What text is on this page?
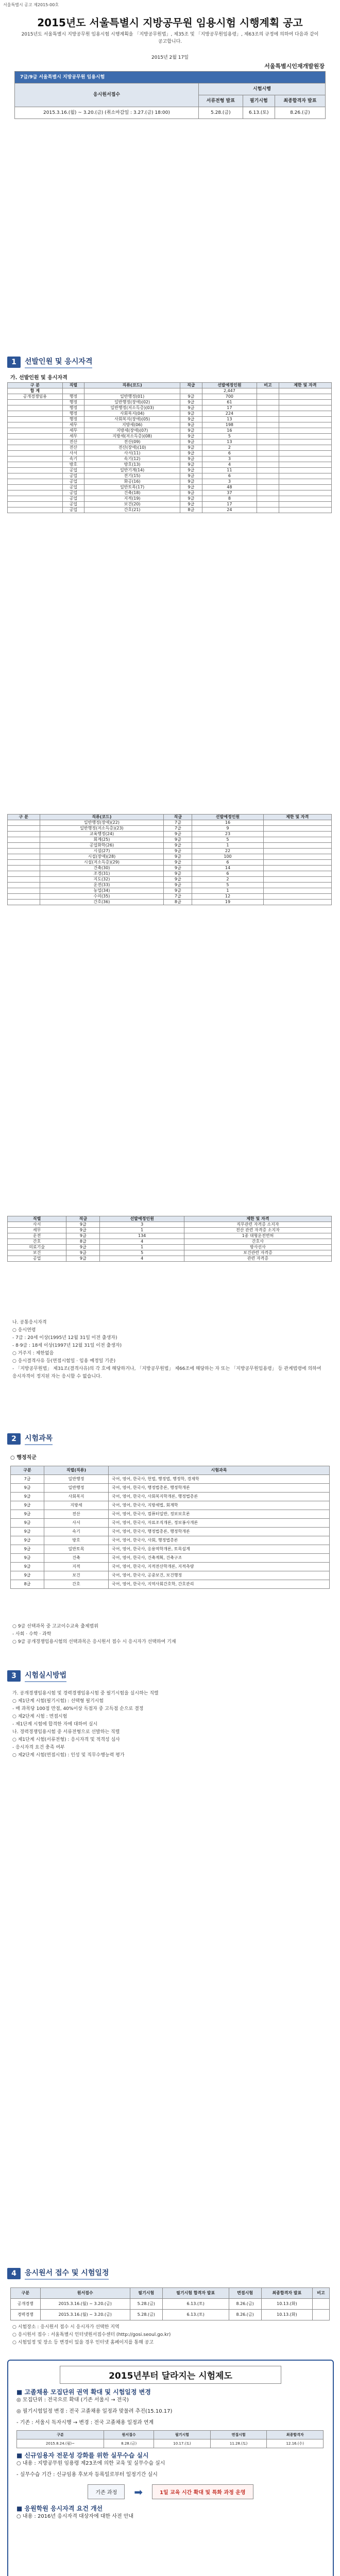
서울특별시 공고 제2015-00호
2015년도 서울특별시 지방공무원 임용시험 시행계획 공고
2015년도 서울특별시 지방공무원 임용시험 시행계획을 「지방공무원법」, 제35조 및 「지방공무원임용령」, 제63조의 규정에 의하여 다음과 같이 공고합니다.
2015년 2월 17일
서울특별시인재개발원장
7급/9급 서울특별시 지방공무원 임용시험			
응시원서접수	시험시행		
	서류전형 발표	필기시험	최종합격자 발표
2015.3.16.(월) ~ 3.20.(금) (취소마감일 : 3.27.(금) 18:00)	5.28.(금)	6.13.(토)	8.26.(금)
1	선발인원 및 응시자격
가. 선발인원 및 응시자격
구 분	직렬	직류(코드)	직급	선발예정인원	비고	제한 및 자격
합 계				2,447		
공개경쟁임용	행정	일반행정(01)	9급	700		
	행정	일반행정(장애)(02)	9급	61		
	행정	일반행정(저소득층)(03)	9급	17		
	행정	사회복지(04)	9급	224		
	행정	사회복지(장애)(05)	9급	13		
	세무	지방세(06)	9급	198		
	세무	지방세(장애)(07)	9급	16		
	세무	지방세(저소득층)(08)	9급	5		
	전산	전산(09)	9급	13		
	전산	전산(장애)(10)	9급	2		
	사서	사서(11)	9급	6		
	속기	속기(12)	9급	3		
	방호	방호(13)	9급	4		
	공업	일반기계(14)	9급	11		
	공업	전기(15)	9급	6		
	공업	화공(16)	9급	3		
	공업	일반토목(17)	9급	48		
	공업	건축(18)	9급	37		
	공업	지적(19)	9급	8		
	공업	보건(20)	9급	17		
	공업	간호(21)	8급	24		
구 분	직류(코드)	직급	선발예정인원	제한 및 자격
	일반행정(장애)(22)	7급	16	
	일반행정(저소득층)(23)	7급	9	
	교육행정(24)	9급	23	
	회계(25)	9급	5	
	공업화학(26)	9급	1	
	시설(27)	9급	22	
	시설(장애)(28)	9급	100	
	시설(저소득층)(29)	9급	6	
	건축(30)	9급	14	
	조경(31)	9급	6	
	지도(32)	9급	2	
	운전(33)	9급	5	
	농업(34)	9급	1	
	수의(35)	7급	12	
	간호(36)	8급	19	
직렬	직급	선발예정인원	제한 및 자격
사서	9급	3	직무관련 자격증 소지자
세무	9급	1	전산 관련 자격증 소지자
운전	9급	134	1종 대형운전면허
간호	8급	4	간호사
의료기술	9급	1	방사선사
보건	9급	5	보건관련 자격증
공업	9급	4	관련 자격증

나. 공통응시자격

○ 응시연령

- 7급 : 20세 이상(1995년 12월 31일 이전 출생자)

- 8·9급 : 18세 이상(1997년 12월 31일 이전 출생자)

○ 거주지 : 제한없음

○ 응시결격사유 등(면접시험일 · 임용 예정일 기준)

- 「지방공무원법」 제31조(결격사유)의 각 호에 해당하거나, 「지방공무원법」 제66조에 해당하는 자 또는 「지방공무원임용령」 등 관계법령에 의하여 응시자격이 정지된 자는 응시할 수 없습니다.

2	시험과목
○ 행정직군
구분	직렬(직류)	시험과목
7급	일반행정	국어, 영어, 한국사, 헌법, 행정법, 행정학, 경제학
9급	일반행정	국어, 영어, 한국사, 행정법총론, 행정학개론
9급	사회복지	국어, 영어, 한국사, 사회복지학개론, 행정법총론
9급	지방세	국어, 영어, 한국사, 지방세법, 회계학
9급	전산	국어, 영어, 한국사, 컴퓨터일반, 정보보호론
9급	사서	국어, 영어, 한국사, 자료조직개론, 정보봉사개론
9급	속기	국어, 영어, 한국사, 행정법총론, 행정학개론
9급	방호	국어, 영어, 한국사, 사회, 행정법총론
9급	일반토목	국어, 영어, 한국사, 응용역학개론, 토목설계
9급	건축	국어, 영어, 한국사, 건축계획, 건축구조
9급	지적	국어, 영어, 한국사, 지적전산학개론, 지적측량
9급	보건	국어, 영어, 한국사, 공중보건, 보건행정
8급	간호	국어, 영어, 한국사, 지역사회간호학, 간호관리

○ 9급 선택과목 중 고교이수교육 출제범위

- 사회 · 수학 · 과학

○ 9급 공개경쟁임용시험의 선택과목은 응시원서 접수 시 응시자가 선택하여 기재

3	시험실시방법

가. 공개경쟁임용시험 및 경력경쟁임용시험 중 필기시험을 실시하는 직렬

○ 제1단계 시험(필기시험) : 선택형 필기시험

- 매 과목당 100점 만점, 40%이상 득점자 중 고득점 순으로 결정

○ 제2단계 시험 : 면접시험

- 제1단계 시험에 합격한 자에 대하여 실시

나. 경력경쟁임용시험 중 서류전형으로 선발하는 직렬

○ 제1단계 시험(서류전형) : 응시자격 및 적격성 심사

- 응시자격 요건 충족 여부

○ 제2단계 시험(면접시험) : 인성 및 직무수행능력 평가

4	응시원서 접수 및 시험일정
구분	원서접수	필기시험	필기시험 합격자 발표	면접시험	최종합격자 발표	비고
공개경쟁	2015.3.16.(월) ~ 3.20.(금)	5.28.(금)	6.13.(토)	8.26.(금)	10.13.(화)	
경력경쟁	2015.3.16.(월) ~ 3.20.(금)	5.28.(금)	6.13.(토)	8.26.(금)	10.13.(화)	

○ 시험장소 : 응시원서 접수 시 응시자가 선택한 지역

○ 응시원서 접수 : 서울특별시 인터넷원서접수센터 (http://gosi.seoul.go.kr)

○ 시험일정 및 장소 등 변경이 있을 경우 인터넷 홈페이지를 통해 공고

2015년부터 달라지는 시험제도
■ 고졸채용 모집단위 권역 확대 및 시험일정 변경
◎ 모집단위 : 전국으로 확대 (기존 서울시 → 전국)
◎ 필기시험일정 변경 : 전국 고졸채용 일정과 맞물려 추진(15.10.17)
- 기존 : 서울시 독자시행 → 변경 : 전국 고졸채용 일정과 연계
구분	원서접수	필기시험	면접시험	최종합격자
2015.8.24.(월)~	8.28.(금)	10.17.(토)	11.28.(토)	12.16.(수)
■ 신규임용자 전문성 강화를 위한 실무수습 실시
○ 내용 : 지방공무원 임용령 제23조에 의한 교육 및 실무수습 실시
- 실무수습 기간 : 신규임용 후보자 등록일로부터 일정기간 실시
기존 과정	➡	1일 교육 시간 확대 및 특화 과정 운영
■ 응원학원 응시자격 요건 개선
○ 내용 : 2016년 응시자격 대상자에 대한 사전 안내
